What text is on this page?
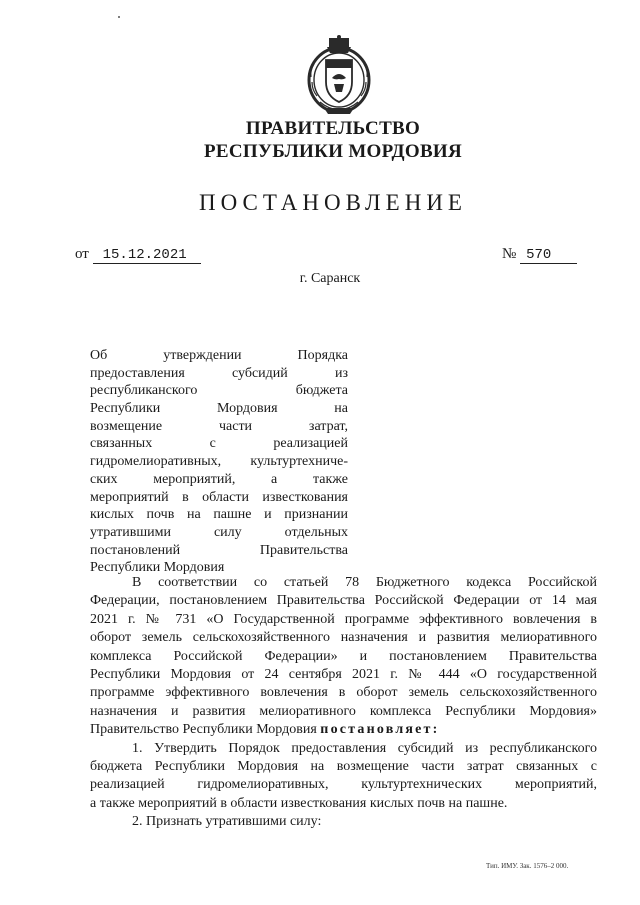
ПРАВИТЕЛЬСТВО
РЕСПУБЛИКИ МОРДОВИЯ
ПОСТАНОВЛЕНИЕ
от 15.12.2021	№ 570
г. Саранск
Об утверждении Порядка
предоставления субсидий из
республиканского бюджета
Республики Мордовия на
возмещение части затрат,
связанных с реализацией
гидромелиоративных, культуртехниче-
ских мероприятий, а также
мероприятий в области известкования
кислых почв на пашне и признании
утратившими силу отдельных
постановлений Правительства
Республики Мордовия
В соответствии со статьей 78 Бюджетного кодекса Российской
Федерации, постановлением Правительства Российской Федерации от 14 мая
2021 г. № 731 «О Государственной программе эффективного вовлечения в
оборот земель сельскохозяйственного назначения и развития мелиоративного
комплекса Российской Федерации» и постановлением Правительства
Республики Мордовия от 24 сентября 2021 г. № 444 «О государственной
программе эффективного вовлечения в оборот земель сельскохозяйственного
назначения и развития мелиоративного комплекса Республики Мордовия»
Правительство Республики Мордовия постановляет:
1. Утвердить Порядок предоставления субсидий из республиканского
бюджета Республики Мордовия на возмещение части затрат связанных с
реализацией гидромелиоративных, культуртехнических мероприятий,
а также мероприятий в области известкования кислых почв на пашне.
2. Признать утратившими силу:
Тип. ИМУ. Зак. 1576–2 000.
